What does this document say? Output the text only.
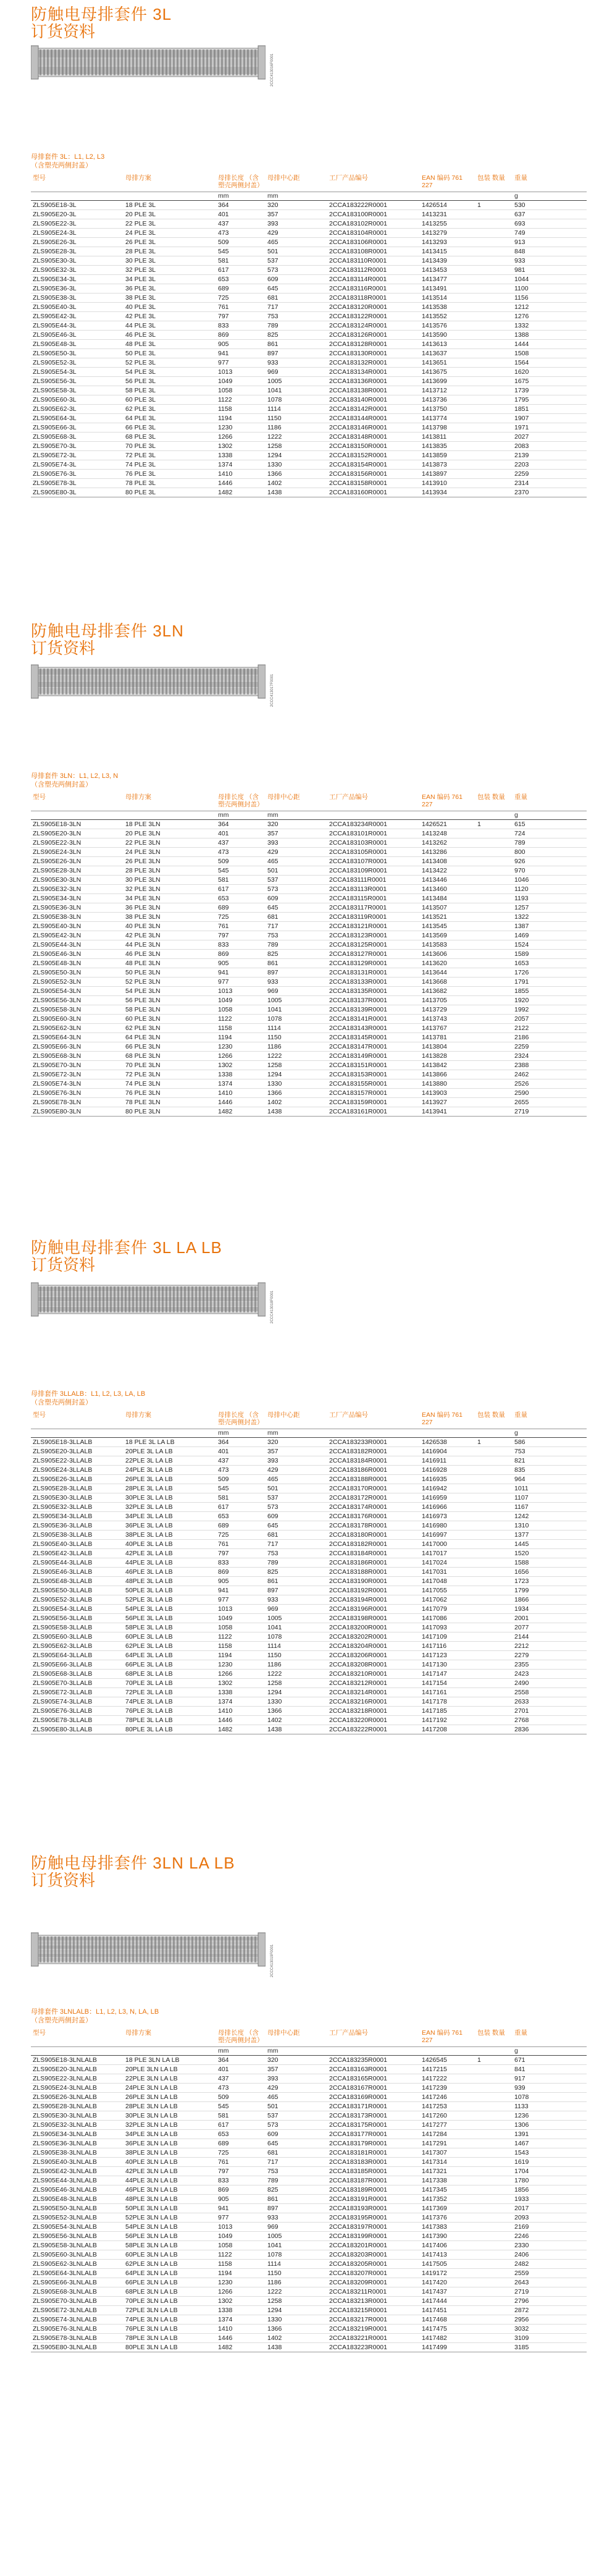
防触电母排套件 3L
订货资料
2CCC413016F0001
母排套件 3L：L1, L2, L3
（含塑壳两侧封盖）
型号	母排方案	母排长度 （含塑壳两侧封盖）	母排中心距	工厂产品编号	EAN 编码 761 227	包装 数量	重量
		mm	mm				g
ZLS905E18-3L	18 PLE 3L	364	320	2CCA183222R0001	1426514	1	530
ZLS905E20-3L	20 PLE 3L	401	357	2CCA183100R0001	1413231		637
ZLS905E22-3L	22 PLE 3L	437	393	2CCA183102R0001	1413255		693
ZLS905E24-3L	24 PLE 3L	473	429	2CCA183104R0001	1413279		749
ZLS905E26-3L	26 PLE 3L	509	465	2CCA183106R0001	1413293		913
ZLS905E28-3L	28 PLE 3L	545	501	2CCA183108R0001	1413415		848
ZLS905E30-3L	30 PLE 3L	581	537	2CCA183110R0001	1413439		933
ZLS905E32-3L	32 PLE 3L	617	573	2CCA183112R0001	1413453		981
ZLS905E34-3L	34 PLE 3L	653	609	2CCA183114R0001	1413477		1044
ZLS905E36-3L	36 PLE 3L	689	645	2CCA183116R0001	1413491		1100
ZLS905E38-3L	38 PLE 3L	725	681	2CCA183118R0001	1413514		1156
ZLS905E40-3L	40 PLE 3L	761	717	2CCA183120R0001	1413538		1212
ZLS905E42-3L	42 PLE 3L	797	753	2CCA183122R0001	1413552		1276
ZLS905E44-3L	44 PLE 3L	833	789	2CCA183124R0001	1413576		1332
ZLS905E46-3L	46 PLE 3L	869	825	2CCA183126R0001	1413590		1388
ZLS905E48-3L	48 PLE 3L	905	861	2CCA183128R0001	1413613		1444
ZLS905E50-3L	50 PLE 3L	941	897	2CCA183130R0001	1413637		1508
ZLS905E52-3L	52 PLE 3L	977	933	2CCA183132R0001	1413651		1564
ZLS905E54-3L	54 PLE 3L	1013	969	2CCA183134R0001	1413675		1620
ZLS905E56-3L	56 PLE 3L	1049	1005	2CCA183136R0001	1413699		1675
ZLS905E58-3L	58 PLE 3L	1058	1041	2CCA183138R0001	1413712		1739
ZLS905E60-3L	60 PLE 3L	1122	1078	2CCA183140R0001	1413736		1795
ZLS905E62-3L	62 PLE 3L	1158	1114	2CCA183142R0001	1413750		1851
ZLS905E64-3L	64 PLE 3L	1194	1150	2CCA183144R0001	1413774		1907
ZLS905E66-3L	66 PLE 3L	1230	1186	2CCA183146R0001	1413798		1971
ZLS905E68-3L	68 PLE 3L	1266	1222	2CCA183148R0001	1413811		2027
ZLS905E70-3L	70 PLE 3L	1302	1258	2CCA183150R0001	1413835		2083
ZLS905E72-3L	72 PLE 3L	1338	1294	2CCA183152R0001	1413859		2139
ZLS905E74-3L	74 PLE 3L	1374	1330	2CCA183154R0001	1413873		2203
ZLS905E76-3L	76 PLE 3L	1410	1366	2CCA183156R0001	1413897		2259
ZLS905E78-3L	78 PLE 3L	1446	1402	2CCA183158R0001	1413910		2314
ZLS905E80-3L	80 PLE 3L	1482	1438	2CCA183160R0001	1413934		2370
防触电母排套件 3LN
订货资料
2CCC413017F0001
母排套件 3LN：L1, L2, L3, N
（含塑壳两侧封盖）
型号	母排方案	母排长度 （含塑壳两侧封盖）	母排中心距	工厂产品编号	EAN 编码 761 227	包装 数量	重量
		mm	mm				g
ZLS905E18-3LN	18 PLE 3LN	364	320	2CCA183234R0001	1426521	1	615
ZLS905E20-3LN	20 PLE 3LN	401	357	2CCA183101R0001	1413248		724
ZLS905E22-3LN	22 PLE 3LN	437	393	2CCA183103R0001	1413262		789
ZLS905E24-3LN	24 PLE 3LN	473	429	2CCA183105R0001	1413286		800
ZLS905E26-3LN	26 PLE 3LN	509	465	2CCA183107R0001	1413408		926
ZLS905E28-3LN	28 PLE 3LN	545	501	2CCA183109R0001	1413422		970
ZLS905E30-3LN	30 PLE 3LN	581	537	2CCA183111R0001	1413446		1046
ZLS905E32-3LN	32 PLE 3LN	617	573	2CCA183113R0001	1413460		1120
ZLS905E34-3LN	34 PLE 3LN	653	609	2CCA183115R0001	1413484		1193
ZLS905E36-3LN	36 PLE 3LN	689	645	2CCA183117R0001	1413507		1257
ZLS905E38-3LN	38 PLE 3LN	725	681	2CCA183119R0001	1413521		1322
ZLS905E40-3LN	40 PLE 3LN	761	717	2CCA183121R0001	1413545		1387
ZLS905E42-3LN	42 PLE 3LN	797	753	2CCA183123R0001	1413569		1469
ZLS905E44-3LN	44 PLE 3LN	833	789	2CCA183125R0001	1413583		1524
ZLS905E46-3LN	46 PLE 3LN	869	825	2CCA183127R0001	1413606		1589
ZLS905E48-3LN	48 PLE 3LN	905	861	2CCA183129R0001	1413620		1653
ZLS905E50-3LN	50 PLE 3LN	941	897	2CCA183131R0001	1413644		1726
ZLS905E52-3LN	52 PLE 3LN	977	933	2CCA183133R0001	1413668		1791
ZLS905E54-3LN	54 PLE 3LN	1013	969	2CCA183135R0001	1413682		1855
ZLS905E56-3LN	56 PLE 3LN	1049	1005	2CCA183137R0001	1413705		1920
ZLS905E58-3LN	58 PLE 3LN	1058	1041	2CCA183139R0001	1413729		1992
ZLS905E60-3LN	60 PLE 3LN	1122	1078	2CCA183141R0001	1413743		2057
ZLS905E62-3LN	62 PLE 3LN	1158	1114	2CCA183143R0001	1413767		2122
ZLS905E64-3LN	64 PLE 3LN	1194	1150	2CCA183145R0001	1413781		2186
ZLS905E66-3LN	66 PLE 3LN	1230	1186	2CCA183147R0001	1413804		2259
ZLS905E68-3LN	68 PLE 3LN	1266	1222	2CCA183149R0001	1413828		2324
ZLS905E70-3LN	70 PLE 3LN	1302	1258	2CCA183151R0001	1413842		2388
ZLS905E72-3LN	72 PLE 3LN	1338	1294	2CCA183153R0001	1413866		2462
ZLS905E74-3LN	74 PLE 3LN	1374	1330	2CCA183155R0001	1413880		2526
ZLS905E76-3LN	76 PLE 3LN	1410	1366	2CCA183157R0001	1413903		2590
ZLS905E78-3LN	78 PLE 3LN	1446	1402	2CCA183159R0001	1413927		2655
ZLS905E80-3LN	80 PLE 3LN	1482	1438	2CCA183161R0001	1413941		2719
防触电母排套件 3L LA LB
订货资料
2CCC413018F0001
母排套件 3LLALB：L1, L2, L3, LA, LB
（含塑壳两侧封盖）
型号	母排方案	母排长度 （含塑壳两侧封盖）	母排中心距	工厂产品编号	EAN 编码 761 227	包装 数量	重量
		mm	mm				g
ZLS905E18-3LLALB	18 PLE 3L LA LB	364	320	2CCA183233R0001	1426538	1	586
ZLS905E20-3LLALB	20PLE 3L LA LB	401	357	2CCA183182R0001	1416904		753
ZLS905E22-3LLALB	22PLE 3L LA LB	437	393	2CCA183184R0001	1416911		821
ZLS905E24-3LLALB	24PLE 3L LA LB	473	429	2CCA183186R0001	1416928		835
ZLS905E26-3LLALB	26PLE 3L LA LB	509	465	2CCA183188R0001	1416935		964
ZLS905E28-3LLALB	28PLE 3L LA LB	545	501	2CCA183170R0001	1416942		1011
ZLS905E30-3LLALB	30PLE 3L LA LB	581	537	2CCA183172R0001	1416959		1107
ZLS905E32-3LLALB	32PLE 3L LA LB	617	573	2CCA183174R0001	1416966		1167
ZLS905E34-3LLALB	34PLE 3L LA LB	653	609	2CCA183176R0001	1416973		1242
ZLS905E36-3LLALB	36PLE 3L LA LB	689	645	2CCA183178R0001	1416980		1310
ZLS905E38-3LLALB	38PLE 3L LA LB	725	681	2CCA183180R0001	1416997		1377
ZLS905E40-3LLALB	40PLE 3L LA LB	761	717	2CCA183182R0001	1417000		1445
ZLS905E42-3LLALB	42PLE 3L LA LB	797	753	2CCA183184R0001	1417017		1520
ZLS905E44-3LLALB	44PLE 3L LA LB	833	789	2CCA183186R0001	1417024		1588
ZLS905E46-3LLALB	46PLE 3L LA LB	869	825	2CCA183188R0001	1417031		1656
ZLS905E48-3LLALB	48PLE 3L LA LB	905	861	2CCA183190R0001	1417048		1723
ZLS905E50-3LLALB	50PLE 3L LA LB	941	897	2CCA183192R0001	1417055		1799
ZLS905E52-3LLALB	52PLE 3L LA LB	977	933	2CCA183194R0001	1417062		1866
ZLS905E54-3LLALB	54PLE 3L LA LB	1013	969	2CCA183196R0001	1417079		1934
ZLS905E56-3LLALB	56PLE 3L LA LB	1049	1005	2CCA183198R0001	1417086		2001
ZLS905E58-3LLALB	58PLE 3L LA LB	1058	1041	2CCA183200R0001	1417093		2077
ZLS905E60-3LLALB	60PLE 3L LA LB	1122	1078	2CCA183202R0001	1417109		2144
ZLS905E62-3LLALB	62PLE 3L LA LB	1158	1114	2CCA183204R0001	1417116		2212
ZLS905E64-3LLALB	64PLE 3L LA LB	1194	1150	2CCA183206R0001	1417123		2279
ZLS905E66-3LLALB	66PLE 3L LA LB	1230	1186	2CCA183208R0001	1417130		2355
ZLS905E68-3LLALB	68PLE 3L LA LB	1266	1222	2CCA183210R0001	1417147		2423
ZLS905E70-3LLALB	70PLE 3L LA LB	1302	1258	2CCA183212R0001	1417154		2490
ZLS905E72-3LLALB	72PLE 3L LA LB	1338	1294	2CCA183214R0001	1417161		2558
ZLS905E74-3LLALB	74PLE 3L LA LB	1374	1330	2CCA183216R0001	1417178		2633
ZLS905E76-3LLALB	76PLE 3L LA LB	1410	1366	2CCA183218R0001	1417185		2701
ZLS905E78-3LLALB	78PLE 3L LA LB	1446	1402	2CCA183220R0001	1417192		2768
ZLS905E80-3LLALB	80PLE 3L LA LB	1482	1438	2CCA183222R0001	1417208		2836
防触电母排套件 3LN LA LB
订货资料
2CCC413019F0001
母排套件 3LNLALB：L1, L2, L3, N, LA, LB
（含塑壳两侧封盖）
型号	母排方案	母排长度 （含塑壳两侧封盖）	母排中心距	工厂产品编号	EAN 编码 761 227	包装 数量	重量
		mm	mm				g
ZLS905E18-3LNLALB	18 PLE 3LN LA LB	364	320	2CCA183235R0001	1426545	1	671
ZLS905E20-3LNLALB	20PLE 3LN LA LB	401	357	2CCA183163R0001	1417215		841
ZLS905E22-3LNLALB	22PLE 3LN LA LB	437	393	2CCA183165R0001	1417222		917
ZLS905E24-3LNLALB	24PLE 3LN LA LB	473	429	2CCA183167R0001	1417239		939
ZLS905E26-3LNLALB	26PLE 3LN LA LB	509	465	2CCA183169R0001	1417246		1078
ZLS905E28-3LNLALB	28PLE 3LN LA LB	545	501	2CCA183171R0001	1417253		1133
ZLS905E30-3LNLALB	30PLE 3LN LA LB	581	537	2CCA183173R0001	1417260		1236
ZLS905E32-3LNLALB	32PLE 3LN LA LB	617	573	2CCA183175R0001	1417277		1306
ZLS905E34-3LNLALB	34PLE 3LN LA LB	653	609	2CCA183177R0001	1417284		1391
ZLS905E36-3LNLALB	36PLE 3LN LA LB	689	645	2CCA183179R0001	1417291		1467
ZLS905E38-3LNLALB	38PLE 3LN LA LB	725	681	2CCA183181R0001	1417307		1543
ZLS905E40-3LNLALB	40PLE 3LN LA LB	761	717	2CCA183183R0001	1417314		1619
ZLS905E42-3LNLALB	42PLE 3LN LA LB	797	753	2CCA183185R0001	1417321		1704
ZLS905E44-3LNLALB	44PLE 3LN LA LB	833	789	2CCA183187R0001	1417338		1780
ZLS905E46-3LNLALB	46PLE 3LN LA LB	869	825	2CCA183189R0001	1417345		1856
ZLS905E48-3LNLALB	48PLE 3LN LA LB	905	861	2CCA183191R0001	1417352		1933
ZLS905E50-3LNLALB	50PLE 3LN LA LB	941	897	2CCA183193R0001	1417369		2017
ZLS905E52-3LNLALB	52PLE 3LN LA LB	977	933	2CCA183195R0001	1417376		2093
ZLS905E54-3LNLALB	54PLE 3LN LA LB	1013	969	2CCA183197R0001	1417383		2169
ZLS905E56-3LNLALB	56PLE 3LN LA LB	1049	1005	2CCA183199R0001	1417390		2246
ZLS905E58-3LNLALB	58PLE 3LN LA LB	1058	1041	2CCA183201R0001	1417406		2330
ZLS905E60-3LNLALB	60PLE 3LN LA LB	1122	1078	2CCA183203R0001	1417413		2406
ZLS905E62-3LNLALB	62PLE 3LN LA LB	1158	1114	2CCA183205R0001	1417505		2482
ZLS905E64-3LNLALB	64PLE 3LN LA LB	1194	1150	2CCA183207R0001	1419172		2559
ZLS905E66-3LNLALB	66PLE 3LN LA LB	1230	1186	2CCA183209R0001	1417420		2643
ZLS905E68-3LNLALB	68PLE 3LN LA LB	1266	1222	2CCA183211R0001	1417437		2719
ZLS905E70-3LNLALB	70PLE 3LN LA LB	1302	1258	2CCA183213R0001	1417444		2796
ZLS905E72-3LNLALB	72PLE 3LN LA LB	1338	1294	2CCA183215R0001	1417451		2872
ZLS905E74-3LNLALB	74PLE 3LN LA LB	1374	1330	2CCA183217R0001	1417468		2956
ZLS905E76-3LNLALB	76PLE 3LN LA LB	1410	1366	2CCA183219R0001	1417475		3032
ZLS905E78-3LNLALB	78PLE 3LN LA LB	1446	1402	2CCA183221R0001	1417482		3109
ZLS905E80-3LNLALB	80PLE 3LN LA LB	1482	1438	2CCA183223R0001	1417499		3185
